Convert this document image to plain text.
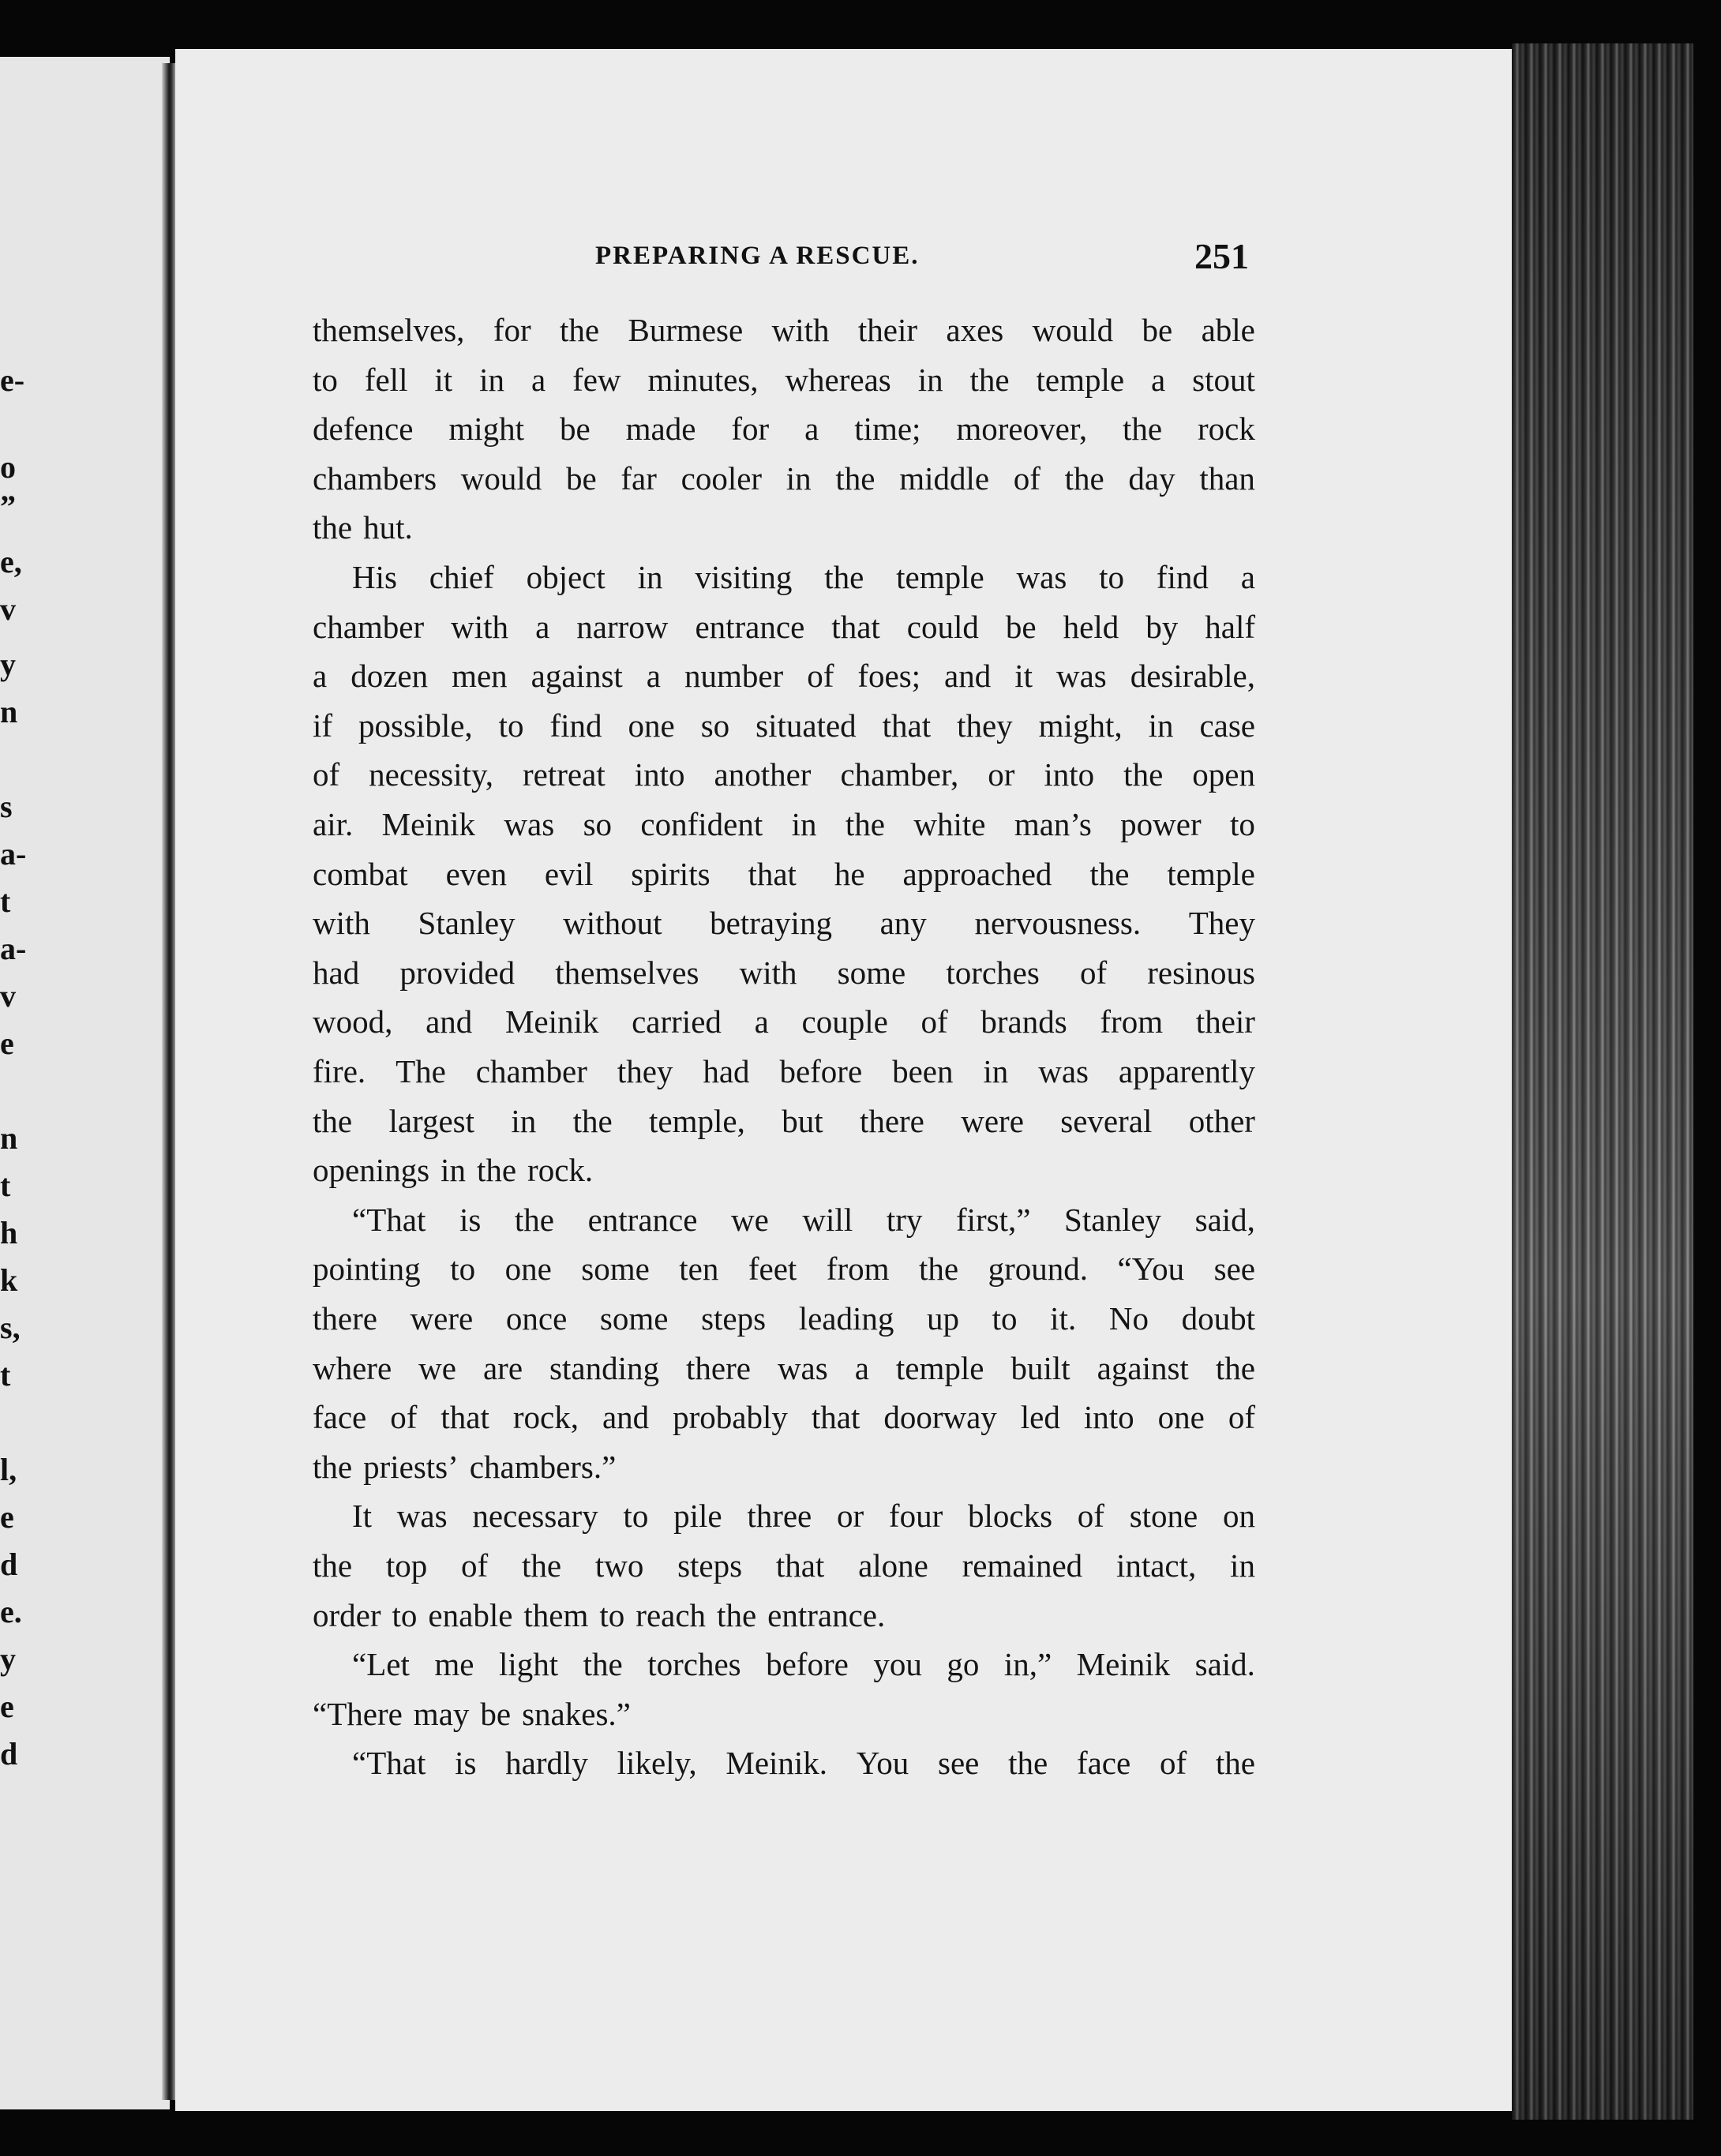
e-
o
”
e,
v
y
n
s
a-
t
a-
v
e
n
t
h
k
s,
t
l,
e
d
e.
y
e
d
PREPARING A RESCUE.	251
themselves, for the Burmese with their axes would be able
to fell it in a few minutes, whereas in the temple a stout
defence might be made for a time; moreover, the rock
chambers would be far cooler in the middle of the day than
the hut.
His chief object in visiting the temple was to find a
chamber with a narrow entrance that could be held by half
a dozen men against a number of foes; and it was desirable,
if possible, to find one so situated that they might, in case
of necessity, retreat into another chamber, or into the open
air. Meinik was so confident in the white man’s power to
combat even evil spirits that he approached the temple
with Stanley without betraying any nervousness. They
had provided themselves with some torches of resinous
wood, and Meinik carried a couple of brands from their
fire. The chamber they had before been in was apparently
the largest in the temple, but there were several other
openings in the rock.
“That is the entrance we will try first,” Stanley said,
pointing to one some ten feet from the ground. “You see
there were once some steps leading up to it. No doubt
where we are standing there was a temple built against the
face of that rock, and probably that doorway led into one of
the priests’ chambers.”
It was necessary to pile three or four blocks of stone on
the top of the two steps that alone remained intact, in
order to enable them to reach the entrance.
“Let me light the torches before you go in,” Meinik said.
“There may be snakes.”
“That is hardly likely, Meinik. You see the face of the
